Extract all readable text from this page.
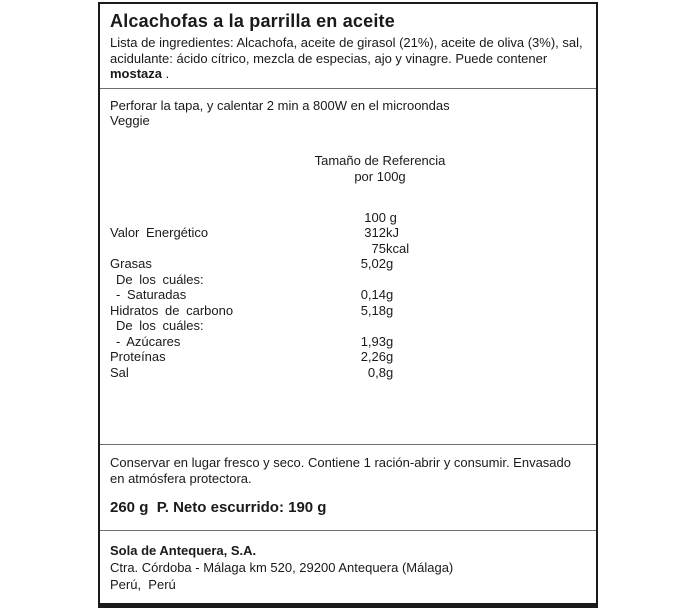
Alcachofas a la parrilla en aceite

Lista de ingredientes: Alcachofa, aceite de girasol (21%), aceite de oliva (3%), sal, acidulante: ácido cítrico, mezcla de especias, ajo y vinagre. Puede contener mostaza .

Perforar la tapa, y calentar 2 min a 800W en el microondas

Veggie

Tamaño de Referencia
por 100g
100 g
Valor Energético	312 kJ
75 kcal
Grasas	5,02 g
De los cuáles:
- Saturadas	0,14 g
Hidratos de carbono	5,18 g
De los cuáles:
- Azúcares	1,93 g
Proteínas	2,26 g
Sal	0,8 g

Conservar en lugar fresco y seco. Contiene 1 ración-abrir y consumir. Envasado en atmósfera protectora.

260 g  P. Neto escurrido: 190 g

Sola de Antequera, S.A.

Ctra. Córdoba - Málaga km 520, 29200 Antequera (Málaga)

Perú,  Perú
